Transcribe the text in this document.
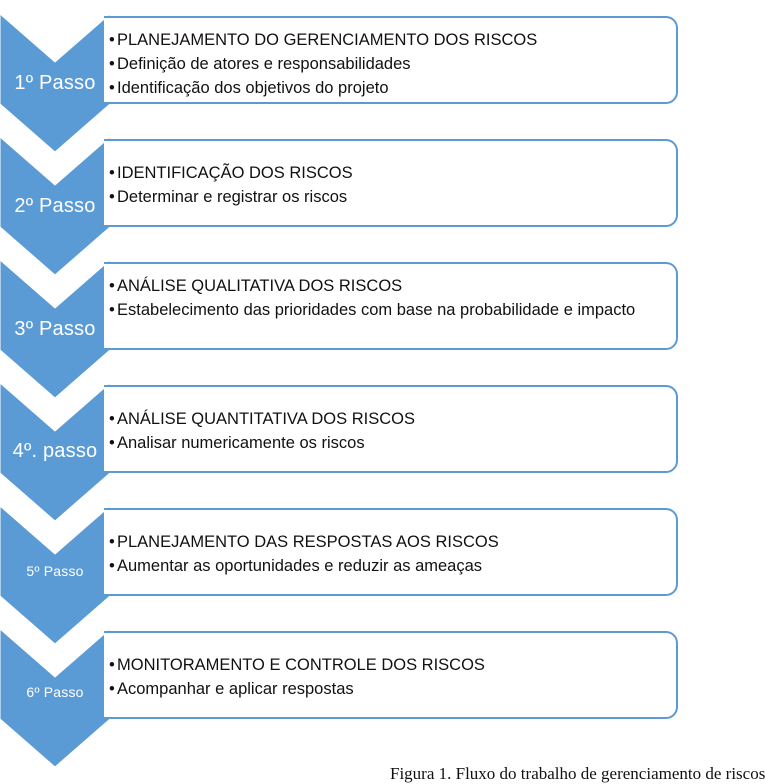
1º Passo
• PLANEJAMENTO DO GERENCIAMENTO DOS RISCOS
• Definição de atores e responsabilidades
• Identificação dos objetivos do projeto
2º Passo
• IDENTIFICAÇÃO DOS RISCOS
• Determinar e registrar os riscos
3º Passo
• ANÁLISE QUALITATIVA DOS RISCOS
• Estabelecimento das prioridades com base na probabilidade e impacto
4º. passo
• ANÁLISE QUANTITATIVA DOS RISCOS
• Analisar numericamente os riscos
5º Passo
• PLANEJAMENTO DAS RESPOSTAS AOS RISCOS
• Aumentar as oportunidades e reduzir as ameaças
6º Passo
• MONITORAMENTO E CONTROLE DOS RISCOS
• Acompanhar e aplicar respostas
Figura 1. Fluxo do trabalho de gerenciamento de riscos
